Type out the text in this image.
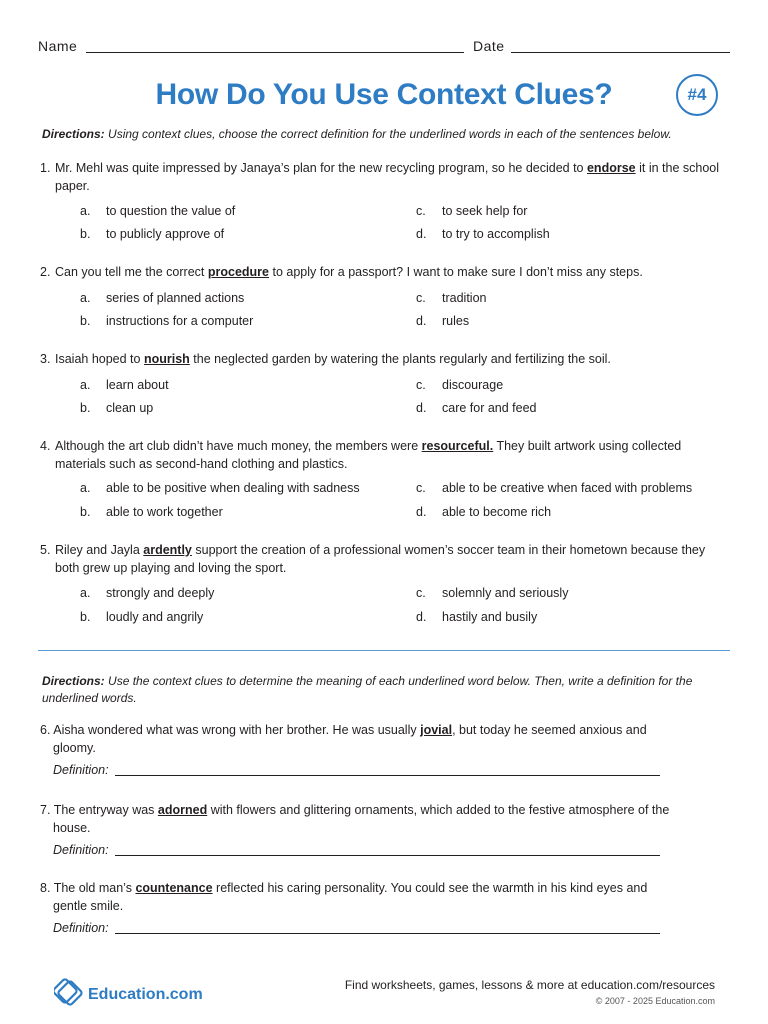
Name	Date
How Do You Use Context Clues?	#4
Directions: Using context clues, choose the correct definition for the underlined words in each of the sentences below.
1. Mr. Mehl was quite impressed by Janaya’s plan for the new recycling program, so he decided to endorse it in the school paper.
a. to question the value of
b. to publicly approve of
c. to seek help for
d. to try to accomplish
2. Can you tell me the correct procedure to apply for a passport? I want to make sure I don’t miss any steps.
a. series of planned actions
b. instructions for a computer
c. tradition
d. rules
3. Isaiah hoped to nourish the neglected garden by watering the plants regularly and fertilizing the soil.
a. learn about
b. clean up
c. discourage
d. care for and feed
4. Although the art club didn’t have much money, the members were resourceful. They built artwork using collected materials such as second-hand clothing and plastics.
a. able to be positive when dealing with sadness
b. able to work together
c. able to be creative when faced with problems
d. able to become rich
5. Riley and Jayla ardently support the creation of a professional women’s soccer team in their hometown because they both grew up playing and loving the sport.
a. strongly and deeply
b. loudly and angrily
c. solemnly and seriously
d. hastily and busily
Directions: Use the context clues to determine the meaning of each underlined word below. Then, write a definition for the underlined words.
6. Aisha wondered what was wrong with her brother. He was usually jovial, but today he seemed anxious and gloomy.
Definition:
7. The entryway was adorned with flowers and glittering ornaments, which added to the festive atmosphere of the house.
Definition:
8. The old man’s countenance reflected his caring personality. You could see the warmth in his kind eyes and gentle smile.
Definition:
Education.com
Find worksheets, games, lessons & more at education.com/resources
© 2007 - 2025 Education.com
